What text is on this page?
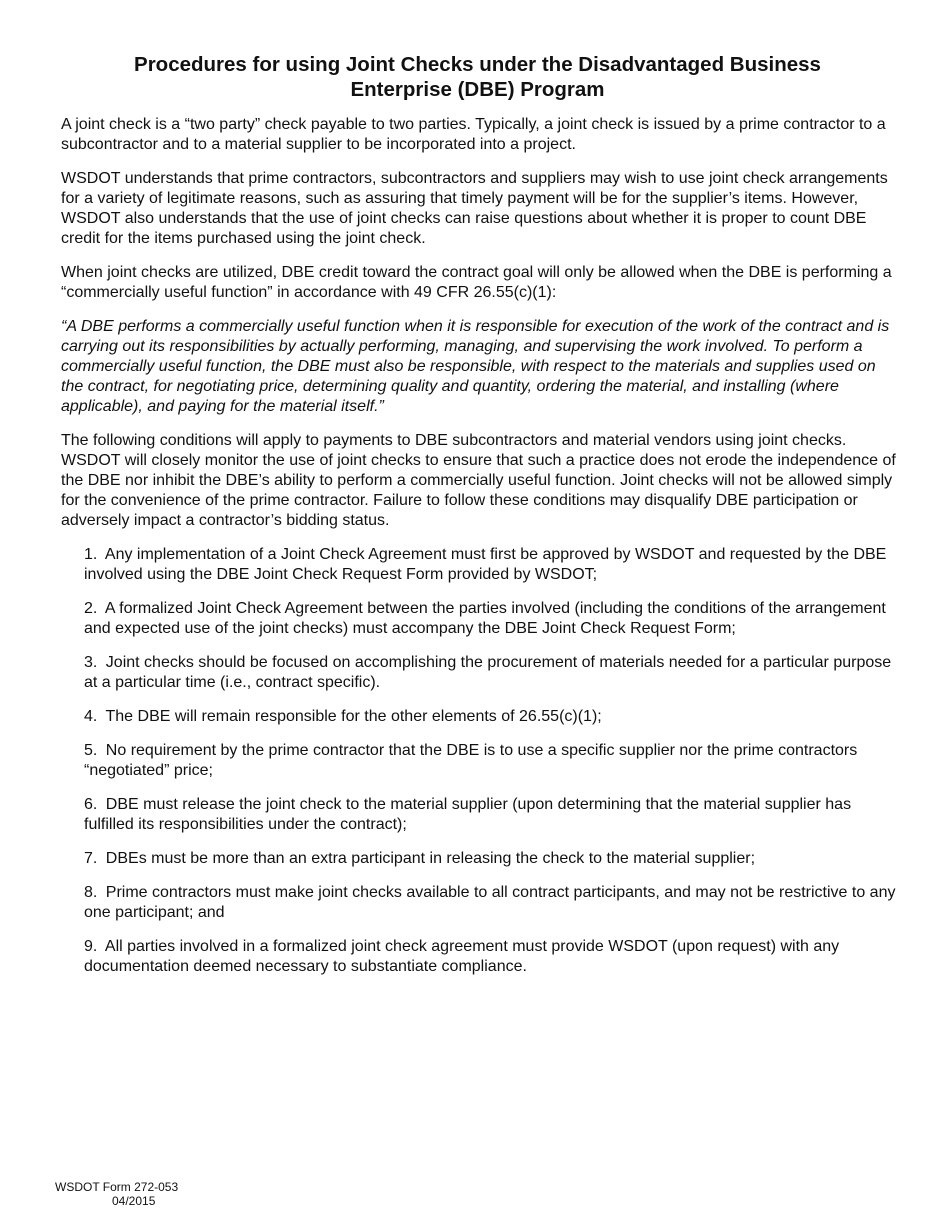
Procedures for using Joint Checks under the Disadvantaged Business
Enterprise (DBE) Program

A joint check is a “two party” check payable to two parties. Typically, a joint check is issued by a prime contractor to a subcontractor and to a material supplier to be incorporated into a project.

WSDOT understands that prime contractors, subcontractors and suppliers may wish to use joint check arrangements for a variety of legitimate reasons, such as assuring that timely payment will be for the supplier’s items. However, WSDOT also understands that the use of joint checks can raise questions about whether it is proper to count DBE credit for the items purchased using the joint check.

When joint checks are utilized, DBE credit toward the contract goal will only be allowed when the DBE is performing a “commercially useful function” in accordance with 49 CFR 26.55(c)(1):

“A DBE performs a commercially useful function when it is responsible for execution of the work of the contract and is carrying out its responsibilities by actually performing, managing, and supervising the work involved. To perform a commercially useful function, the DBE must also be responsible, with respect to the materials and supplies used on the contract, for negotiating price, determining quality and quantity, ordering the material, and installing (where applicable), and paying for the material itself.”

The following conditions will apply to payments to DBE subcontractors and material vendors using joint checks. WSDOT will closely monitor the use of joint checks to ensure that such a practice does not erode the independence of the DBE nor inhibit the DBE’s ability to perform a commercially useful function. Joint checks will not be allowed simply for the convenience of the prime contractor. Failure to follow these conditions may disqualify DBE participation or adversely impact a contractor’s bidding status.

1. Any implementation of a Joint Check Agreement must first be approved by WSDOT and requested by the DBE involved using the DBE Joint Check Request Form provided by WSDOT;
2. A formalized Joint Check Agreement between the parties involved (including the conditions of the arrangement and expected use of the joint checks) must accompany the DBE Joint Check Request Form;
3. Joint checks should be focused on accomplishing the procurement of materials needed for a particular purpose at a particular time (i.e., contract specific).
4. The DBE will remain responsible for the other elements of 26.55(c)(1);
5. No requirement by the prime contractor that the DBE is to use a specific supplier nor the prime contractors “negotiated” price;
6. DBE must release the joint check to the material supplier (upon determining that the material supplier has fulfilled its responsibilities under the contract);
7. DBEs must be more than an extra participant in releasing the check to the material supplier;
8. Prime contractors must make joint checks available to all contract participants, and may not be restrictive to any one participant; and
9. All parties involved in a formalized joint check agreement must provide WSDOT (upon request) with any documentation deemed necessary to substantiate compliance.
WSDOT Form 272-053
04/2015
